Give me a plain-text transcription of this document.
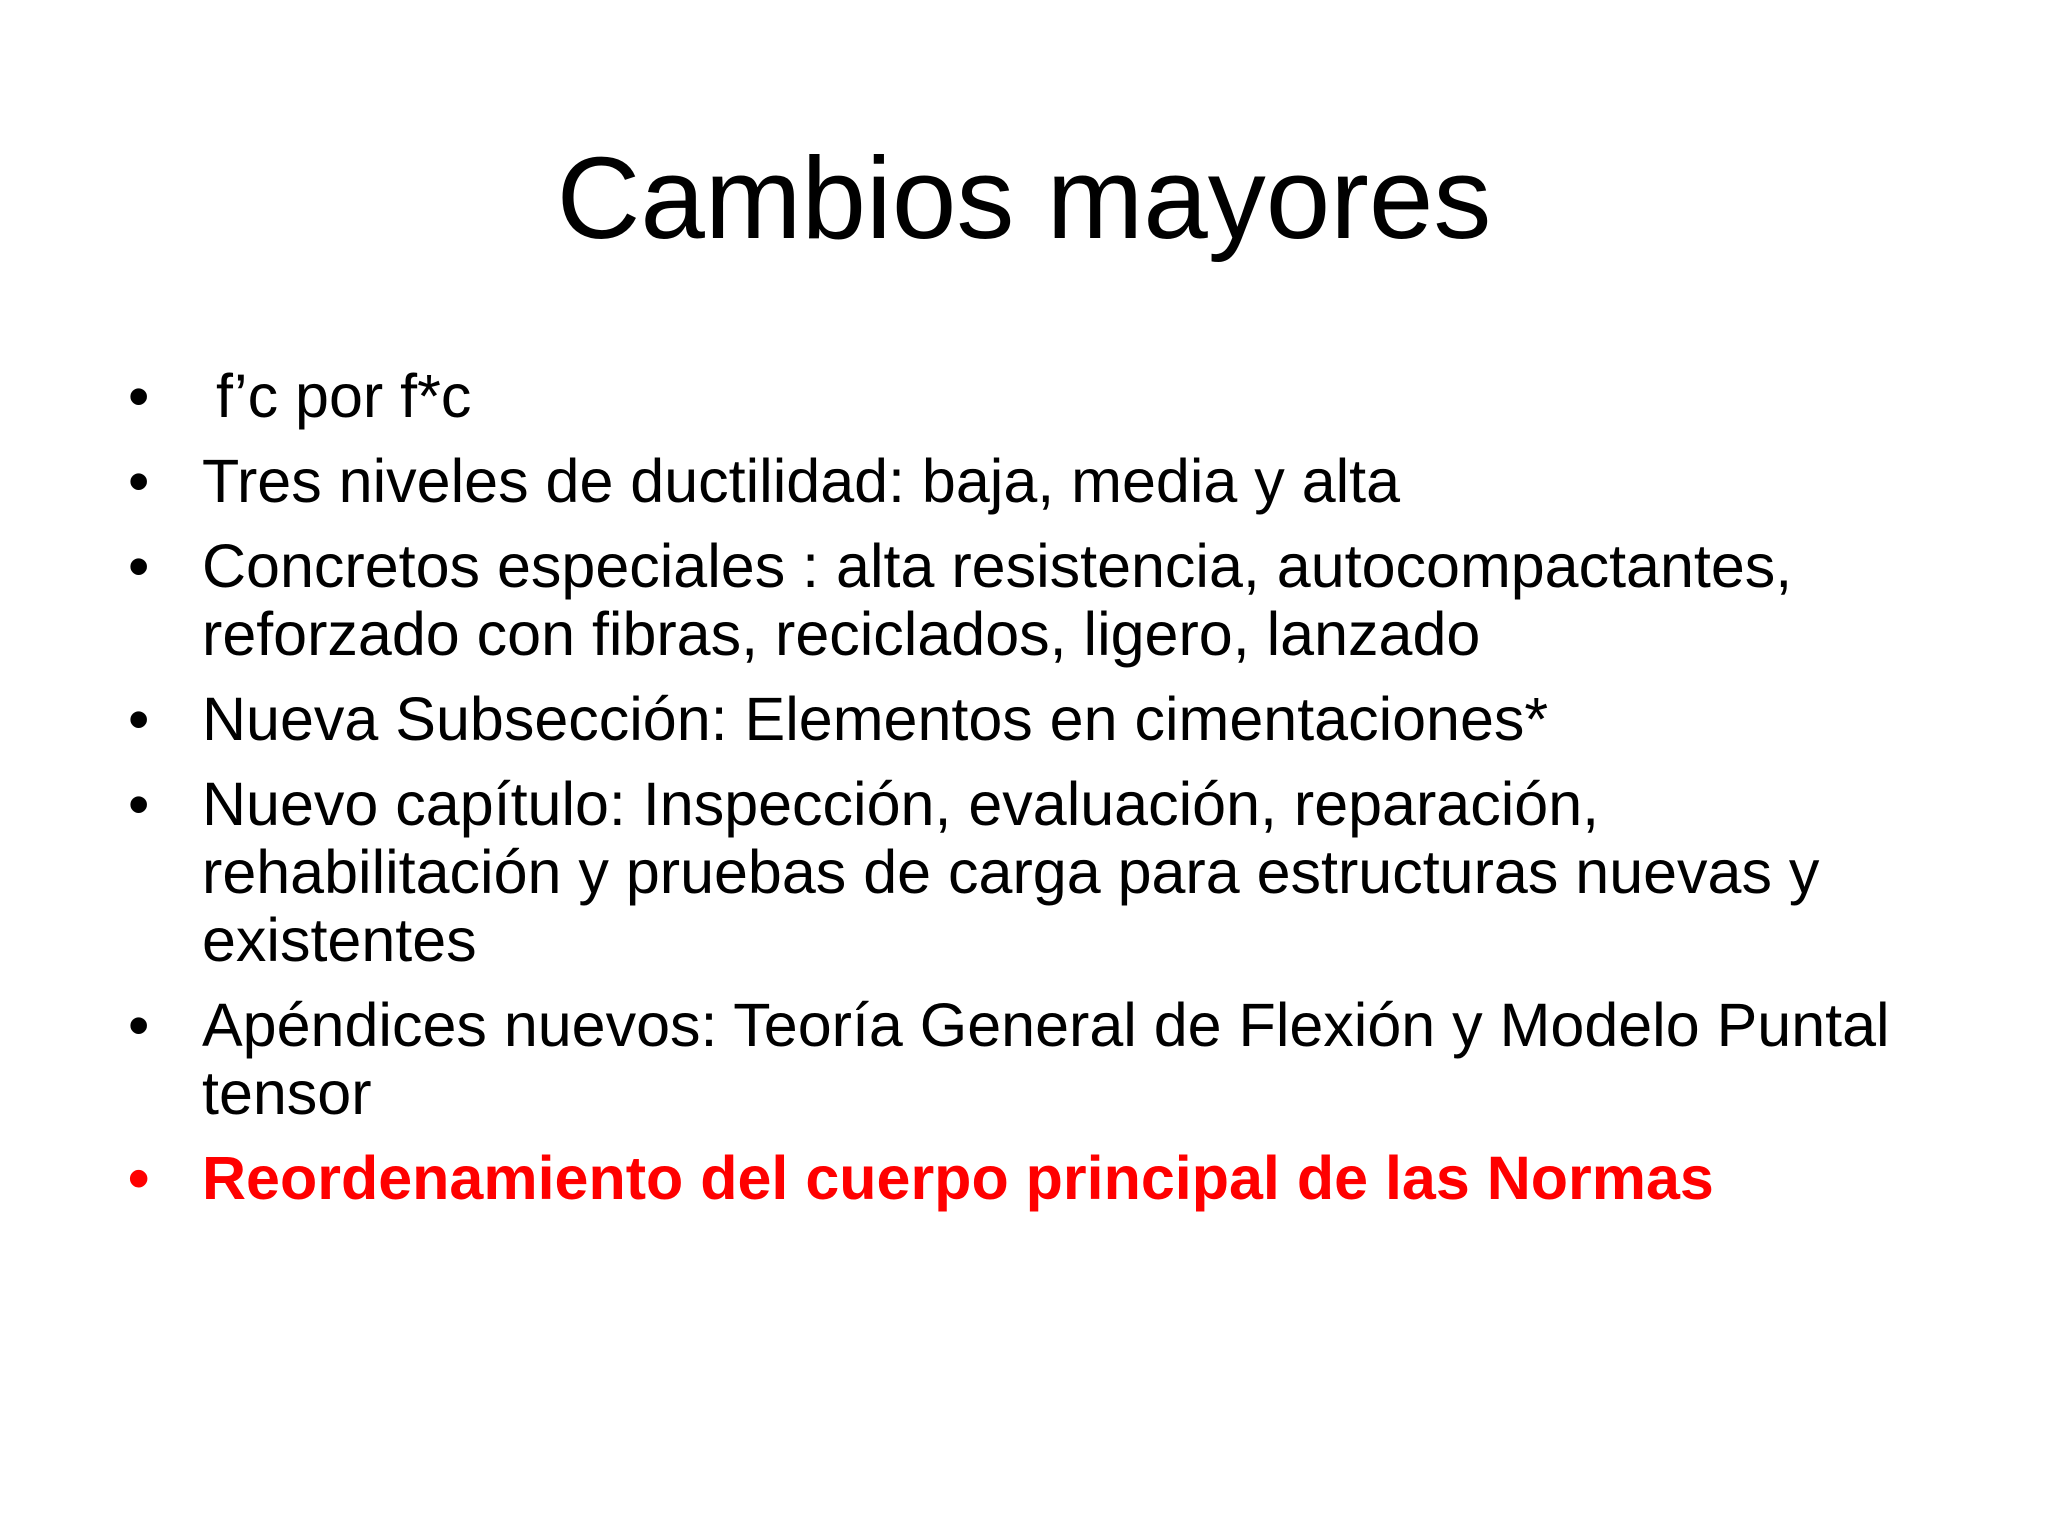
Cambios mayores
•	f’c por f*c
• Tres niveles de ductilidad: baja, media y alta
• Concretos especiales : alta resistencia, autocompactantes, reforzado con fibras, reciclados, ligero, lanzado
• Nueva Subsección: Elementos en cimentaciones*
• Nuevo capítulo: Inspección, evaluación, reparación, rehabilitación y pruebas de carga para estructuras nuevas y existentes
• Apéndices nuevos: Teoría General de Flexión y Modelo Puntal tensor
• Reordenamiento del cuerpo principal de las Normas
